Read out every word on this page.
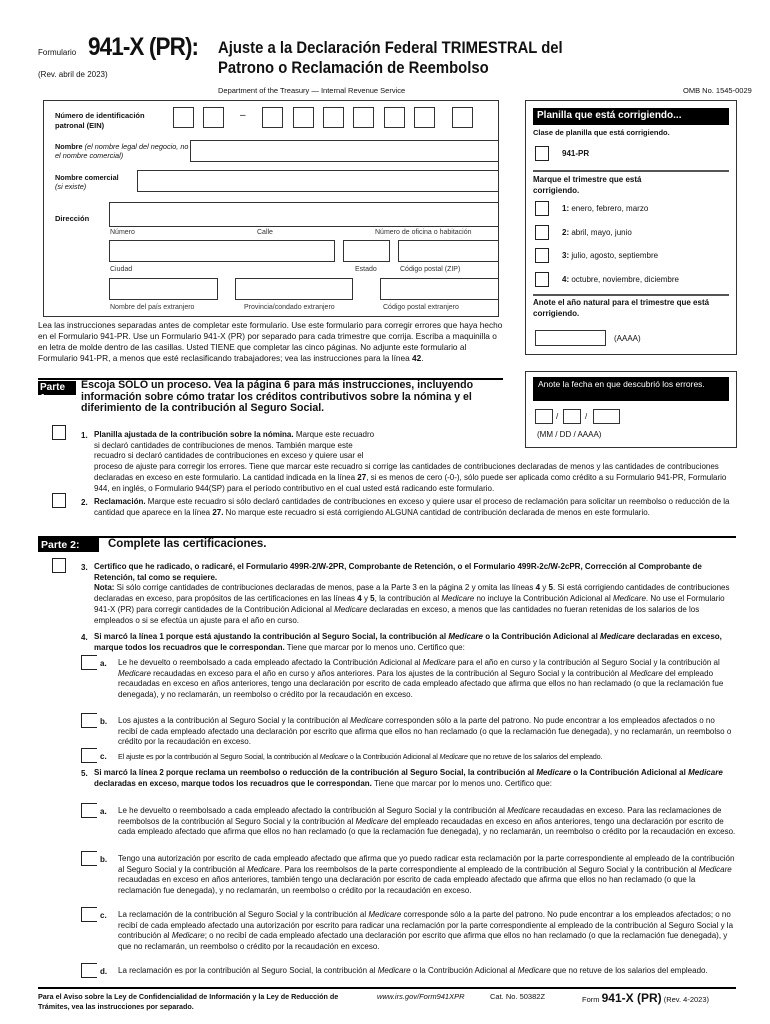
Formulario 941-X (PR):
(Rev. abril de 2023)
Ajuste a la Declaración Federal TRIMESTRAL del
Patrono o Reclamación de Reembolso
Department of the Treasury — Internal Revenue Service	OMB No. 1545-0029
Número de identificación patronal (EIN)
–
Nombre (el nombre legal del negocio, no el nombre comercial)
Nombre comercial
(si existe)
Dirección
Número	Calle	Número de oficina o habitación
Ciudad	Estado	Código postal (ZIP)
Nombre del país extranjero	Provincia/condado extranjero	Código postal extranjero
Planilla que está corrigiendo...
Clase de planilla que está corrigiendo.
941-PR
Marque el trimestre que está corrigiendo.
1: enero, febrero, marzo
2: abril, mayo, junio
3: julio, agosto, septiembre
4: octubre, noviembre, diciembre
Anote el año natural para el trimestre que está corrigiendo.
(AAAA)
Anote la fecha en que descubrió los errores.
/	/
(MM / DD / AAAA)
Lea las instrucciones separadas antes de completar este formulario. Use este formulario para corregir errores que haya hecho en el Formulario 941-PR. Use un Formulario 941-X (PR) por separado para cada trimestre que corrija. Escriba a maquinilla o en letra de molde dentro de las casillas. Usted TIENE que completar las cinco páginas. No adjunte este formulario al Formulario 941-PR, a menos que esté reclasificando trabajadores; vea las instrucciones para la línea 42.
Parte 1:
Escoja SÓLO un proceso. Vea la página 6 para más instrucciones, incluyendo información sobre cómo tratar los créditos contributivos sobre la nómina y el diferimiento de la contribución al Seguro Social.
1. Planilla ajustada de la contribución sobre la nómina. Marque este recuadro si declaró cantidades de contribuciones de menos. También marque este recuadro si declaró cantidades de contribuciones en exceso y quiere usar el proceso de ajuste para corregir los errores. Tiene que marcar este recuadro si corrige las cantidades de contribuciones declaradas de menos y las cantidades de contribuciones declaradas en exceso en este formulario. La cantidad indicada en la línea 27, si es menos de cero (-0-), sólo puede ser aplicada como crédito a su Formulario 941-PR, Formulario 944, en inglés, o Formulario 944(SP) para el período contributivo en el cual usted está radicando este formulario.
2. Reclamación. Marque este recuadro si sólo declaró cantidades de contribuciones en exceso y quiere usar el proceso de reclamación para solicitar un reembolso o reducción de la cantidad que aparece en la línea 27. No marque este recuadro si está corrigiendo ALGUNA cantidad de contribución declarada de menos en este formulario.
Parte 2:	Complete las certificaciones.
3. Certifico que he radicado, o radicaré, el Formulario 499R-2/W-2PR, Comprobante de Retención, o el Formulario 499R-2c/W-2cPR, Corrección al Comprobante de Retención, tal como se requiere.
Nota: Si sólo corrige cantidades de contribuciones declaradas de menos, pase a la Parte 3 en la página 2 y omita las líneas 4 y 5. Si está corrigiendo cantidades de contribuciones declaradas en exceso, para propósitos de las certificaciones en las líneas 4 y 5, la contribución al Medicare no incluye la Contribución Adicional al Medicare. No use el Formulario 941-X (PR) para corregir cantidades de la Contribución Adicional al Medicare declaradas en exceso, a menos que las cantidades no fueran retenidas de los salarios de los empleados o si se efectúa un ajuste para el año en curso.
4. Si marcó la línea 1 porque está ajustando la contribución al Seguro Social, la contribución al Medicare o la Contribución Adicional al Medicare declaradas en exceso, marque todos los recuadros que le correspondan. Tiene que marcar por lo menos uno. Certifico que:
a. Le he devuelto o reembolsado a cada empleado afectado la Contribución Adicional al Medicare para el año en curso y la contribución al Seguro Social y la contribución al Medicare recaudadas en exceso para el año en curso y años anteriores. Para los ajustes de la contribución al Seguro Social y la contribución al Medicare del empleado recaudadas en exceso en años anteriores, tengo una declaración por escrito de cada empleado afectado que afirma que ellos no han reclamado (o que la reclamación fue denegada), y no reclamarán, un reembolso o crédito por la recaudación en exceso.
b. Los ajustes a la contribución al Seguro Social y la contribución al Medicare corresponden sólo a la parte del patrono. No pude encontrar a los empleados afectados o no recibí de cada empleado afectado una declaración por escrito que afirma que ellos no han reclamado (o que la reclamación fue denegada), y no reclamarán, un reembolso o crédito por la recaudación en exceso.
c. El ajuste es por la contribución al Seguro Social, la contribución al Medicare o la Contribución Adicional al Medicare que no retuve de los salarios del empleado.
5. Si marcó la línea 2 porque reclama un reembolso o reducción de la contribución al Seguro Social, la contribución al Medicare o la Contribución Adicional al Medicare declaradas en exceso, marque todos los recuadros que le correspondan. Tiene que marcar por lo menos uno. Certifico que:
a. Le he devuelto o reembolsado a cada empleado afectado la contribución al Seguro Social y la contribución al Medicare recaudadas en exceso. Para las reclamaciones de reembolsos de la contribución al Seguro Social y la contribución al Medicare del empleado recaudadas en exceso en años anteriores, tengo una declaración por escrito de cada empleado afectado que afirma que ellos no han reclamado (o que la reclamación fue denegada), y no reclamarán, un reembolso o crédito por la recaudación en exceso.
b. Tengo una autorización por escrito de cada empleado afectado que afirma que yo puedo radicar esta reclamación por la parte correspondiente al empleado de la contribución al Seguro Social y la contribución al Medicare. Para los reembolsos de la parte correspondiente al empleado de la contribución al Seguro Social y la contribución al Medicare recaudadas en exceso en años anteriores, también tengo una declaración por escrito de cada empleado afectado que afirma que ellos no han reclamado (o que la reclamación fue denegada), y no reclamarán, un reembolso o crédito por la recaudación en exceso.
c. La reclamación de la contribución al Seguro Social y la contribución al Medicare corresponde sólo a la parte del patrono. No pude encontrar a los empleados afectados; o no recibí de cada empleado afectado una autorización por escrito para radicar una reclamación por la parte correspondiente al empleado de la contribución al Seguro Social y la contribución al Medicare; o no recibí de cada empleado afectado una declaración por escrito que afirma que ellos no han reclamado (o que la reclamación fue denegada), y que no reclamarán, un reembolso o crédito por la recaudación en exceso.
d. La reclamación es por la contribución al Seguro Social, la contribución al Medicare o la Contribución Adicional al Medicare que no retuve de los salarios del empleado.
Para el Aviso sobre la Ley de Confidencialidad de Información y la Ley de Reducción de Trámites, vea las instrucciones por separado.
www.irs.gov/Form941XPR	Cat. No. 50382Z	Form 941-X (PR) (Rev. 4-2023)
